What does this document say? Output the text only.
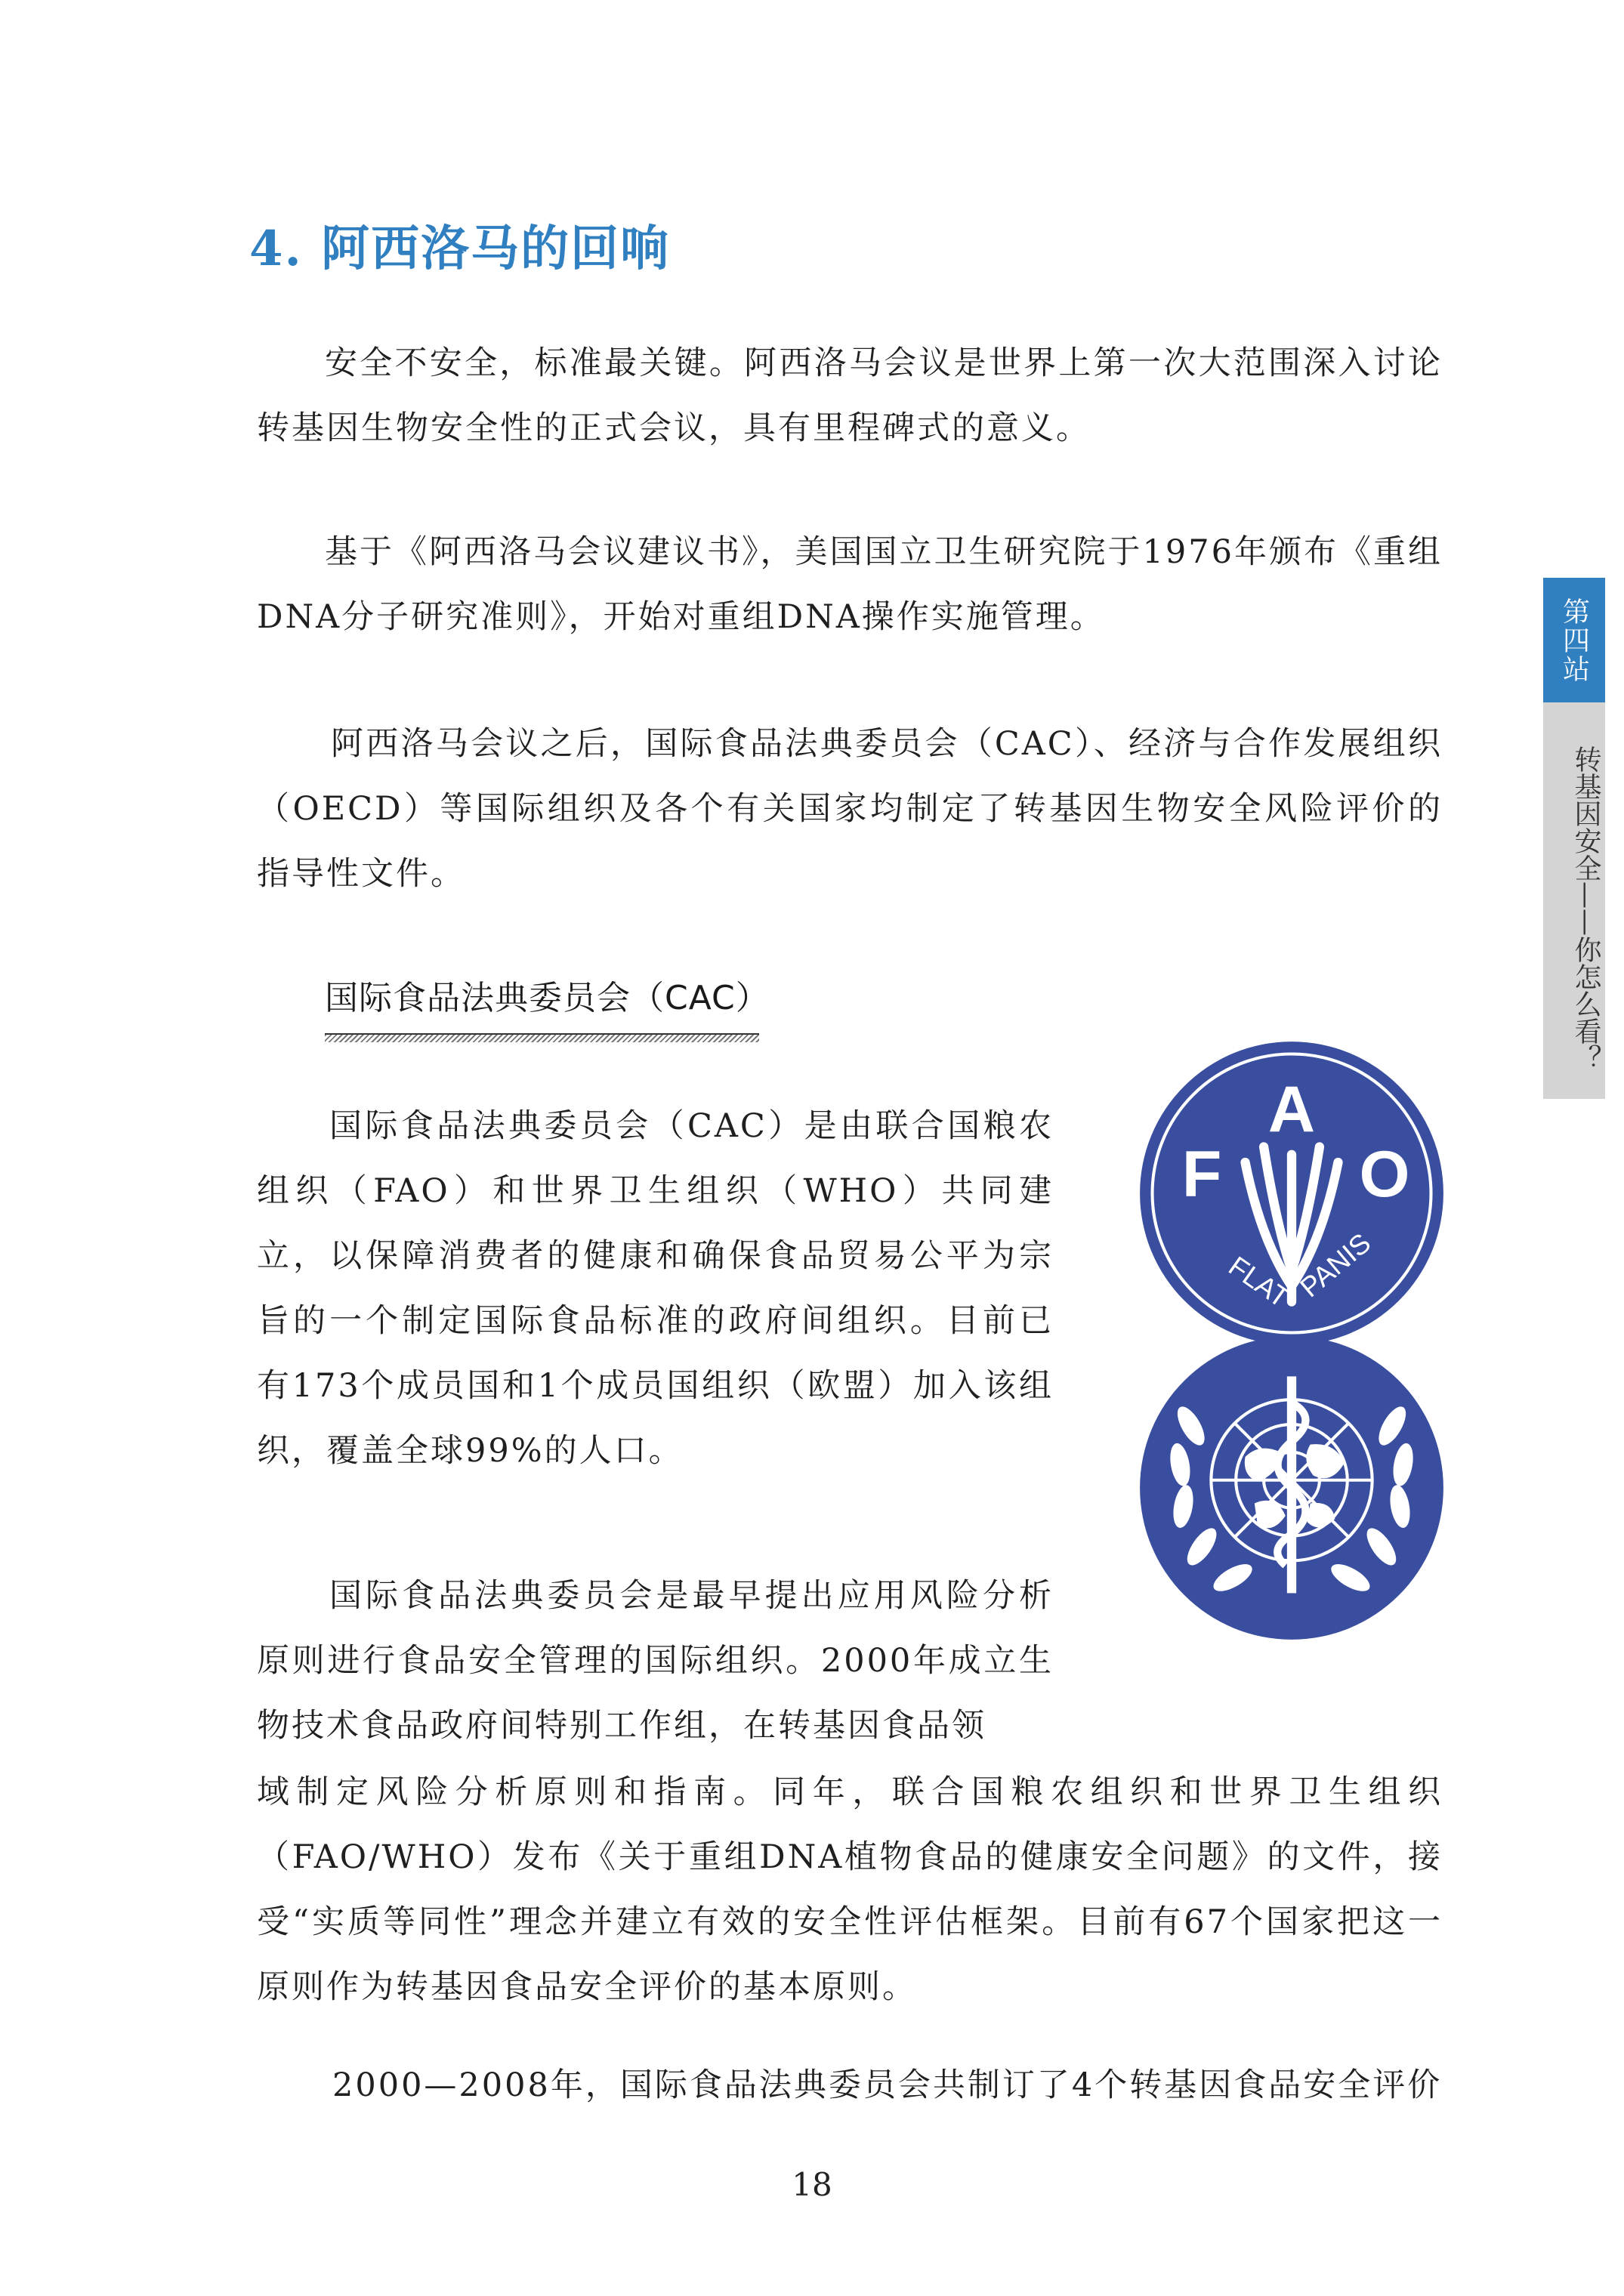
4. 阿西洛马的回响

安全不安全，标准最关键。阿西洛马会议是世界上第一次大范围深入讨论转基因生物安全性的正式会议，具有里程碑式的意义。

基于《阿西洛马会议建议书》，美国国立卫生研究院于1976年颁布《重组DNA分子研究准则》，开始对重组DNA操作实施管理。

阿西洛马会议之后，国际食品法典委员会（CAC）、经济与合作发展组织（OECD）等国际组织及各个有关国家均制定了转基因生物安全风险评价的指导性文件。

国际食品法典委员会（CAC）

国际食品法典委员会（CAC）是由联合国粮农组织（FAO）和世界卫生组织（WHO）共同建立，以保障消费者的健康和确保食品贸易公平为宗旨的一个制定国际食品标准的政府间组织。目前已有173个成员国和1个成员国组织（欧盟）加入该组织，覆盖全球99%的人口。

国际食品法典委员会是最早提出应用风险分析原则进行食品安全管理的国际组织。2000年成立生物技术食品政府间特别工作组，在转基因食品领

域制定风险分析原则和指南。同年，联合国粮农组织和世界卫生组织（FAO/WHO）发布《关于重组DNA植物食品的健康安全问题》的文件，接受“实质等同性”理念并建立有效的安全性评估框架。目前有67个国家把这一原则作为转基因食品安全评价的基本原则。

2000—2008年，国际食品法典委员会共制订了4个转基因食品安全评价

第四站
转基因安全——你怎么看？
A
F	O
FLAT
PANIS
18
